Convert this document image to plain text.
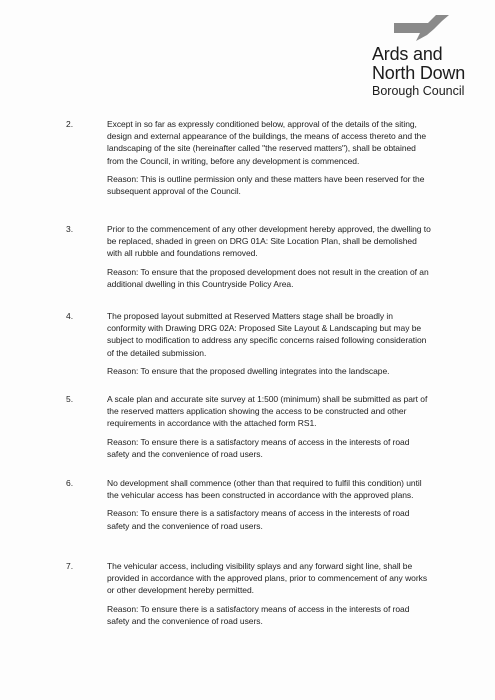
Ards and
North Down
Borough Council
2.	Except in so far as expressly conditioned below, approval of the details of the siting, design and external appearance of the buildings, the means of access thereto and the landscaping of the site (hereinafter called "the reserved matters"), shall be obtained from the Council, in writing, before any development is commenced.

Reason: This is outline permission only and these matters have been reserved for the subsequent approval of the Council.

3.	Prior to the commencement of any other development hereby approved, the dwelling to be replaced, shaded in green on DRG 01A: Site Location Plan, shall be demolished with all rubble and foundations removed.

Reason: To ensure that the proposed development does not result in the creation of an additional dwelling in this Countryside Policy Area.

4.	The proposed layout submitted at Reserved Matters stage shall be broadly in conformity with Drawing DRG 02A: Proposed Site Layout & Landscaping but may be subject to modification to address any specific concerns raised following consideration of the detailed submission.

Reason: To ensure that the proposed dwelling integrates into the landscape.

5.	A scale plan and accurate site survey at 1:500 (minimum) shall be submitted as part of the reserved matters application showing the access to be constructed and other requirements in accordance with the attached form RS1.

Reason: To ensure there is a satisfactory means of access in the interests of road safety and the convenience of road users.

6.	No development shall commence (other than that required to fulfil this condition) until the vehicular access has been constructed in accordance with the approved plans.

Reason: To ensure there is a satisfactory means of access in the interests of road safety and the convenience of road users.

7.	The vehicular access, including visibility splays and any forward sight line, shall be provided in accordance with the approved plans, prior to commencement of any works or other development hereby permitted.

Reason: To ensure there is a satisfactory means of access in the interests of road safety and the convenience of road users.
